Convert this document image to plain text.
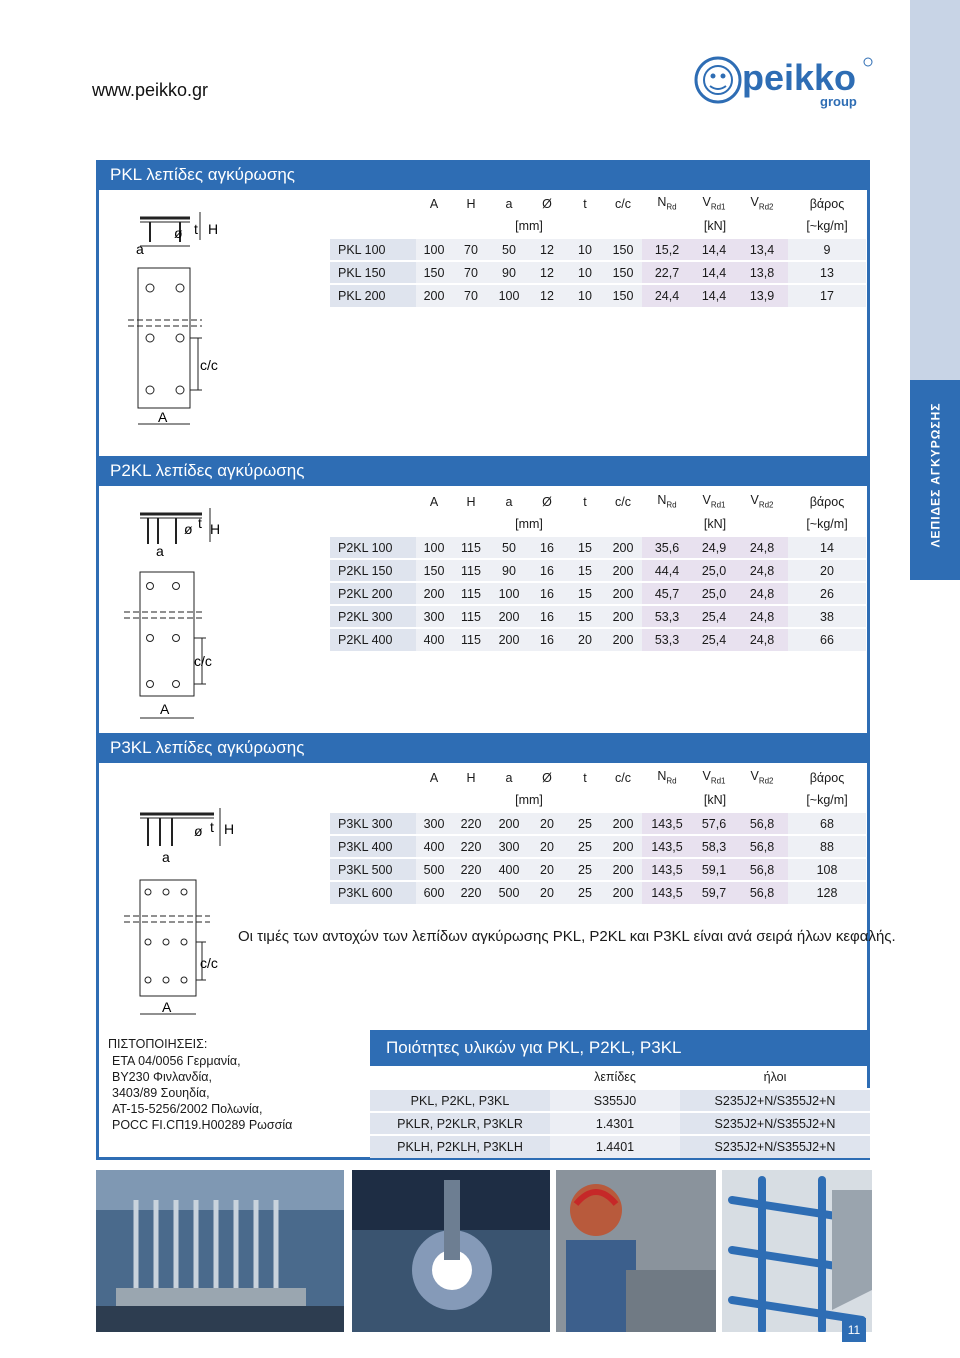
www.peikko.gr	peikko
group
ΛΕΠΙΔΕΣ ΑΓΚΥΡΩΣΗΣ
PKL λεπίδες αγκύρωσης
a
ø t H
c/c
A
	A	H	a	Ø	t	c/c	$N_{Rd}$	$V_{Rd1}$	$V_{Rd2}$	βάρος
	[mm]						[kN]			[~kg/m]
PKL 100	100	70	50	12	10	150	15,2	14,4	13,4	9
PKL 150	150	70	90	12	10	150	22,7	14,4	13,8	13
PKL 200	200	70	100	12	10	150	24,4	14,4	13,9	17
P2KL λεπίδες αγκύρωσης
a
ø t H
c/c
A
	A	H	a	Ø	t	c/c	$N_{Rd}$	$V_{Rd1}$	$V_{Rd2}$	βάρος
	[mm]						[kN]			[~kg/m]
P2KL 100	100	115	50	16	15	200	35,6	24,9	24,8	14
P2KL 150	150	115	90	16	15	200	44,4	25,0	24,8	20
P2KL 200	200	115	100	16	15	200	45,7	25,0	24,8	26
P2KL 300	300	115	200	16	15	200	53,3	25,4	24,8	38
P2KL 400	400	115	200	16	20	200	53,3	25,4	24,8	66
P3KL λεπίδες αγκύρωσης
a
ø t H
c/c
A
	A	H	a	Ø	t	c/c	$N_{Rd}$	$V_{Rd1}$	$V_{Rd2}$	βάρος
	[mm]						[kN]			[~kg/m]
P3KL 300	300	220	200	20	25	200	143,5	57,6	56,8	68
P3KL 400	400	220	300	20	25	200	143,5	58,3	56,8	88
P3KL 500	500	220	400	20	25	200	143,5	59,1	56,8	108
P3KL 600	600	220	500	20	25	200	143,5	59,7	56,8	128
Οι τιμές των αντοχών των λεπίδων αγκύρωσης PKL, P2KL και P3KL είναι ανά σειρά ήλων κεφαλής.
ΠΙΣΤΟΠΟΙΗΣΕΙΣ:
ETA 04/0056 Γερμανία,
BY230 Φινλανδία,
3403/89 Σουηδία,
AT-15-5256/2002 Πολωνία,
POCC FI.CП19.H00289 Ρωσσία
Ποιότητες υλικών για PKL, P2KL, P3KL
	λεπίδες	ήλοι
PKL, P2KL, P3KL	S355J0	S235J2+N/S355J2+N
PKLR, P2KLR, P3KLR	1.4301	S235J2+N/S355J2+N
PKLH, P2KLH, P3KLH	1.4401	S235J2+N/S355J2+N
11
